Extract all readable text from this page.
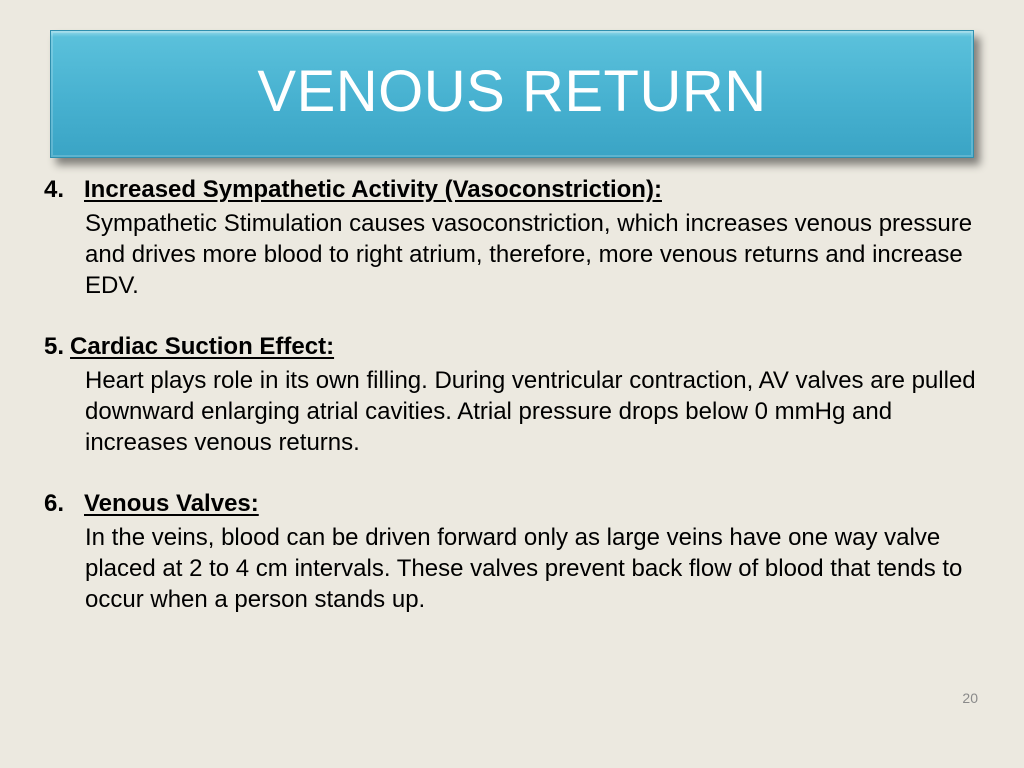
VENOUS RETURN
4. Increased Sympathetic Activity (Vasoconstriction):
Sympathetic Stimulation causes vasoconstriction, which increases venous pressure and drives more blood to right atrium, therefore, more venous returns and increase EDV.
5. Cardiac Suction Effect:
Heart plays role in its own filling. During ventricular contraction, AV valves are pulled downward enlarging atrial cavities. Atrial pressure drops below 0 mmHg and increases venous returns.
6. Venous Valves:
In the veins, blood can be driven forward only as large veins have one way valve placed at 2 to 4 cm intervals. These valves prevent back flow of blood that tends to occur when a person stands up.
20
